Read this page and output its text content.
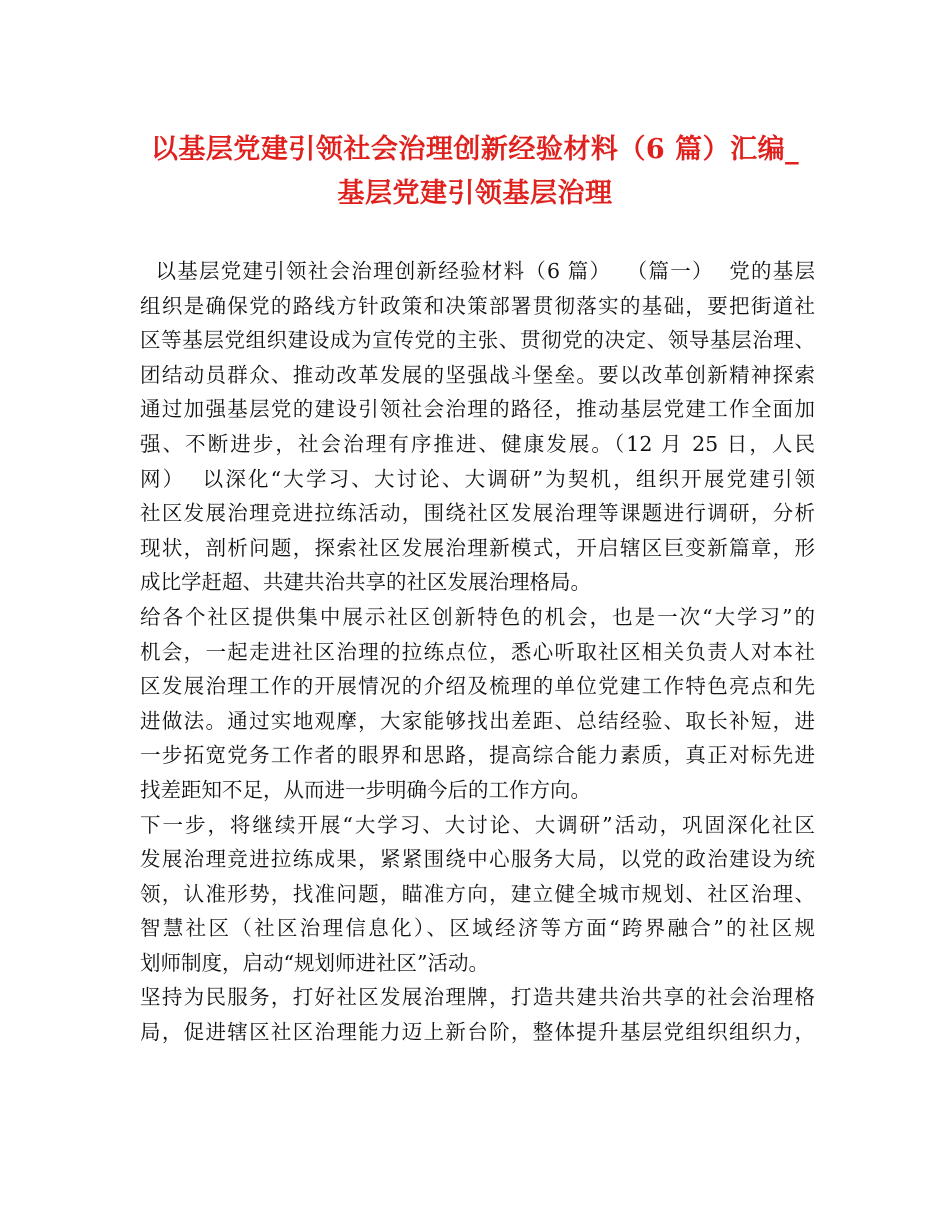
以基层党建引领社会治理创新经验材料（6 篇）汇编_
基层党建引领基层治理
以基层党建引领社会治理创新经验材料（6 篇）  （篇一）  党的基层
组织是确保党的路线方针政策和决策部署贯彻落实的基础，要把街道社
区等基层党组织建设成为宣传党的主张、贯彻党的决定、领导基层治理、
团结动员群众、推动改革发展的坚强战斗堡垒。要以改革创新精神探索
通过加强基层党的建设引领社会治理的路径，推动基层党建工作全面加
强、不断进步，社会治理有序推进、健康发展。（12 月 25 日，人民
网）  以深化“大学习、大讨论、大调研”为契机，组织开展党建引领
社区发展治理竞进拉练活动，围绕社区发展治理等课题进行调研，分析
现状，剖析问题，探索社区发展治理新模式，开启辖区巨变新篇章，形
成比学赶超、共建共治共享的社区发展治理格局。
给各个社区提供集中展示社区创新特色的机会，也是一次“大学习”的
机会，一起走进社区治理的拉练点位，悉心听取社区相关负责人对本社
区发展治理工作的开展情况的介绍及梳理的单位党建工作特色亮点和先
进做法。通过实地观摩，大家能够找出差距、总结经验、取长补短，进
一步拓宽党务工作者的眼界和思路，提高综合能力素质，真正对标先进
找差距知不足，从而进一步明确今后的工作方向。
下一步，将继续开展“大学习、大讨论、大调研”活动，巩固深化社区
发展治理竞进拉练成果，紧紧围绕中心服务大局，以党的政治建设为统
领，认准形势，找准问题，瞄准方向，建立健全城市规划、社区治理、
智慧社区（社区治理信息化）、区域经济等方面“跨界融合”的社区规
划师制度，启动“规划师进社区”活动。
坚持为民服务，打好社区发展治理牌，打造共建共治共享的社会治理格
局，促进辖区社区治理能力迈上新台阶，整体提升基层党组织组织力，
